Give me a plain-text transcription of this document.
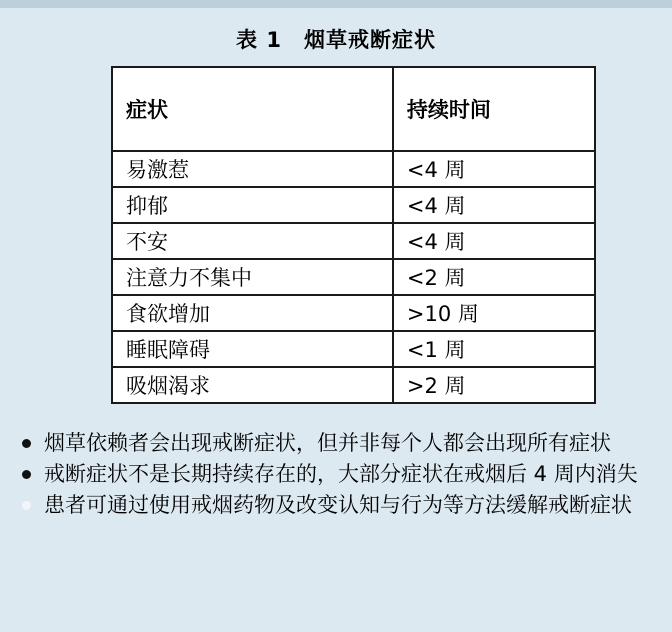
表 1　烟草戒断症状
症状	持续时间
易激惹	<4 周
抑郁	<4 周
不安	<4 周
注意力不集中	<2 周
食欲增加	>10 周
睡眠障碍	<1 周
吸烟渴求	>2 周
烟草依赖者会出现戒断症状，但并非每个人都会出现所有症状
戒断症状不是长期持续存在的，大部分症状在戒烟后 4 周内消失
患者可通过使用戒烟药物及改变认知与行为等方法缓解戒断症状
